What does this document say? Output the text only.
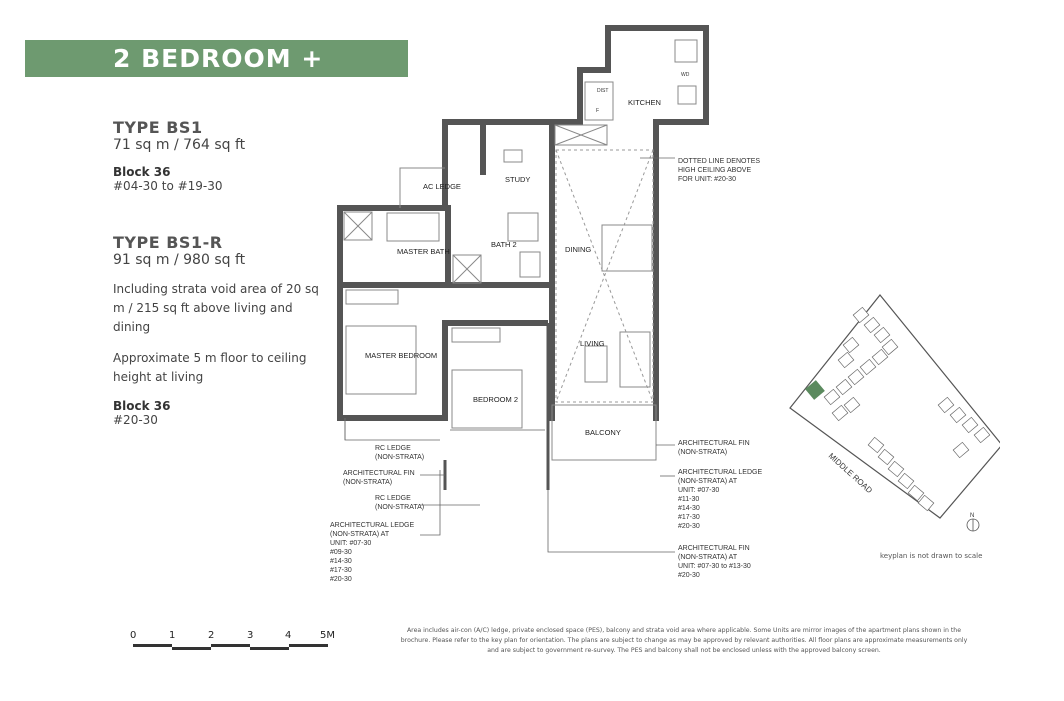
2 BEDROOM + STUDY

TYPE BS1

71 sq m / 764 sq ft

Block 36

#04-30 to #19-30

TYPE BS1-R

91 sq m / 980 sq ft

Including strata void area of 20 sq m / 215 sq ft above living and dining

Approximate 5 m floor to ceiling height at living

Block 36

#20-30

KITCHEN
DIST
F
WD
AC LEDGE
STUDY
MASTER BATH
BATH 2
DINING
LIVING
MASTER BEDROOM
BEDROOM 2
BALCONY
DOTTED LINE DENOTES HIGH CEILING ABOVE FOR UNIT: #20-30
RC LEDGE (NON-STRATA)
ARCHITECTURAL FIN (NON-STRATA)
RC LEDGE (NON-STRATA)
ARCHITECTURAL LEDGE (NON-STRATA) AT UNIT: #07-30 #09-30 #14-30 #17-30 #20-30
ARCHITECTURAL FIN (NON-STRATA)
ARCHITECTURAL LEDGE (NON-STRATA) AT UNIT: #07-30 #11-30 #14-30 #17-30 #20-30
ARCHITECTURAL FIN (NON-STRATA) AT UNIT: #07-30 to #13-30 #20-30
MIDDLE ROAD
N
keyplan is not drawn to scale
0	1	2	3	4	5M	Area includes air-con (A/C) ledge, private enclosed space (PES), balcony and strata void area where applicable. Some Units are mirror images of the apartment plans shown in the brochure. Please refer to the key plan for orientation. The plans are subject to change as may be approved by relevant authorities. All floor plans are approximate measurements only and are subject to government re-survey. The PES and balcony shall not be enclosed unless with the approved balcony screen.
